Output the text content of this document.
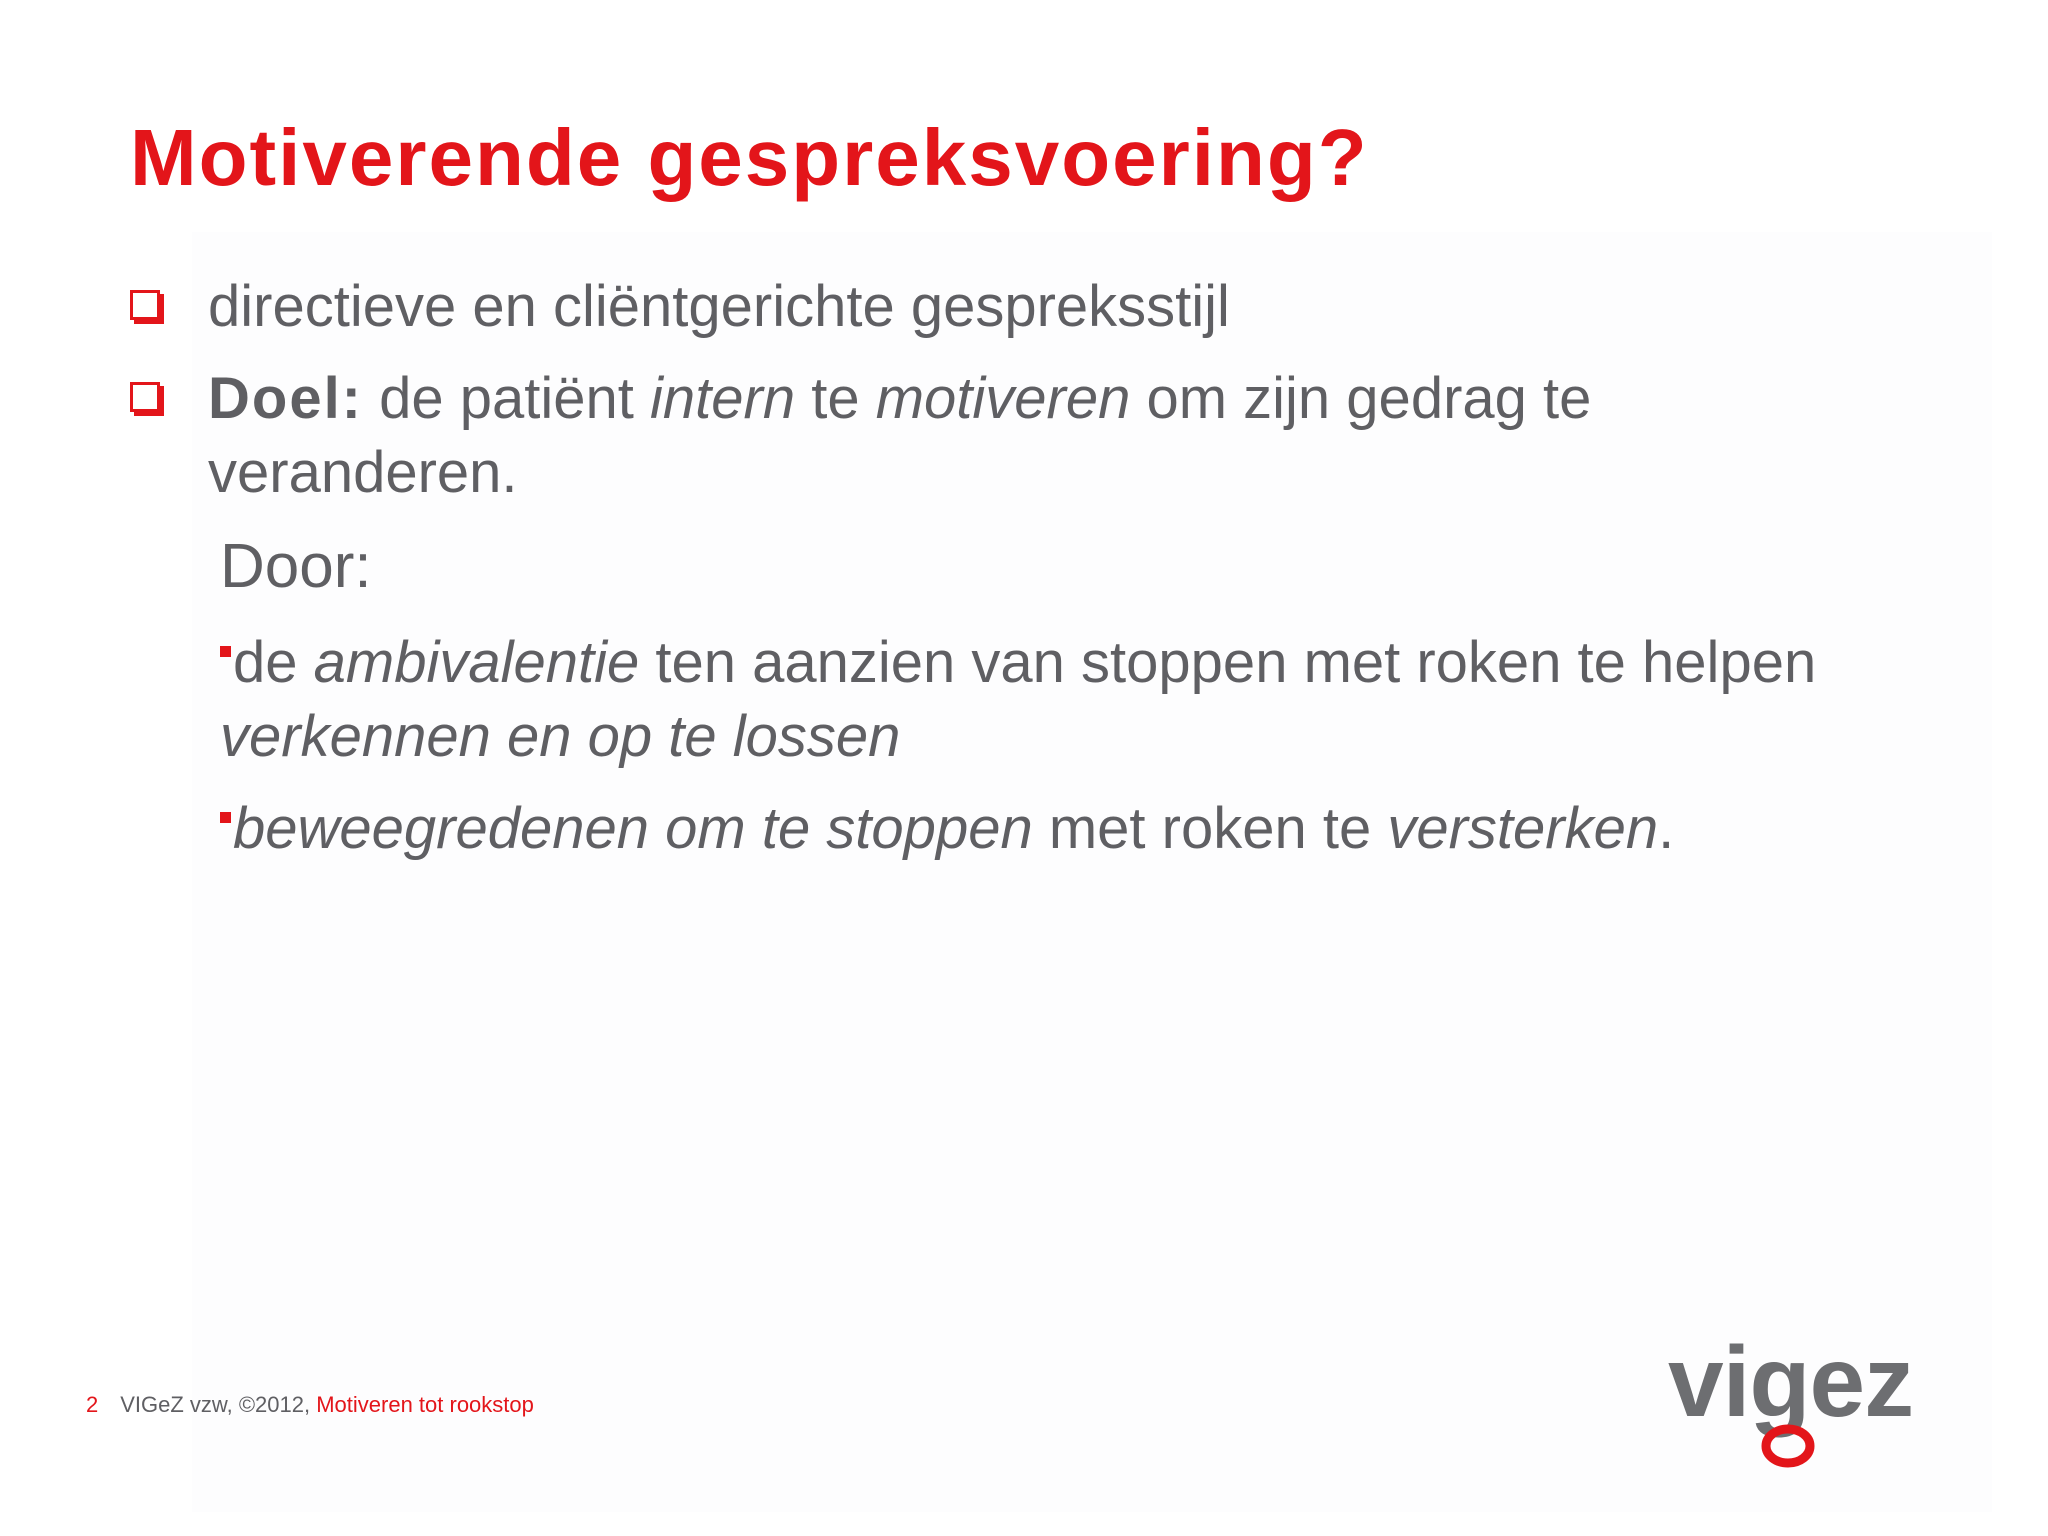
Motiverende gespreksvoering?
directieve en cliëntgerichte gespreksstijl
Doel: de patiënt intern te motiveren om zijn gedrag te veranderen.
Door:
de ambivalentie ten aanzien van stoppen met roken te helpen verkennen en op te lossen
beweegredenen om te stoppen met roken te versterken.
2 VIGeZ vzw, ©2012, Motiveren tot rookstop	vigez
